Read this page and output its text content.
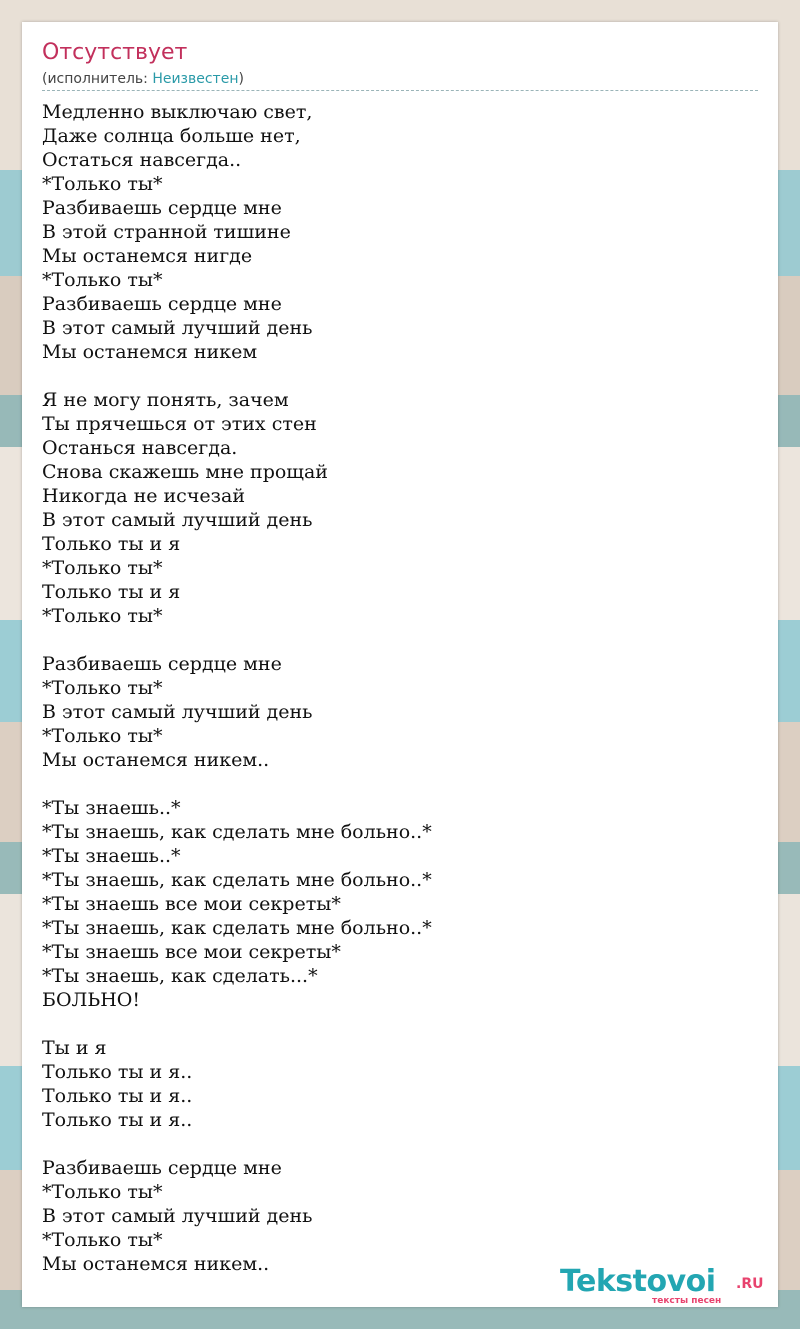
Отсутствует
(исполнитель: Неизвестен)
Медленно выключаю свет,
Даже солнца больше нет,
Остаться навсегда..
*Только ты*
Разбиваешь сердце мне
В этой странной тишине
Мы останемся нигде
*Только ты*
Разбиваешь сердце мне
В этот самый лучший день
Мы останемся никем
Я не могу понять, зачем
Ты прячешься от этих стен
Останься навсегда.
Снова скажешь мне прощай
Никогда не исчезай
В этот самый лучший день
Только ты и я
*Только ты*
Только ты и я
*Только ты*
Разбиваешь сердце мне
*Только ты*
В этот самый лучший день
*Только ты*
Мы останемся никем..
*Ты знаешь..*
*Ты знаешь, как сделать мне больно..*
*Ты знаешь..*
*Ты знаешь, как сделать мне больно..*
*Ты знаешь все мои секреты*
*Ты знаешь, как сделать мне больно..*
*Ты знаешь все мои секреты*
*Ты знаешь, как сделать...*
БОЛЬНО!
Ты и я
Только ты и я..
Только ты и я..
Только ты и я..
Разбиваешь сердце мне
*Только ты*
В этот самый лучший день
*Только ты*
Мы останемся никем..	Tekstovoi .RU
тексты песен
